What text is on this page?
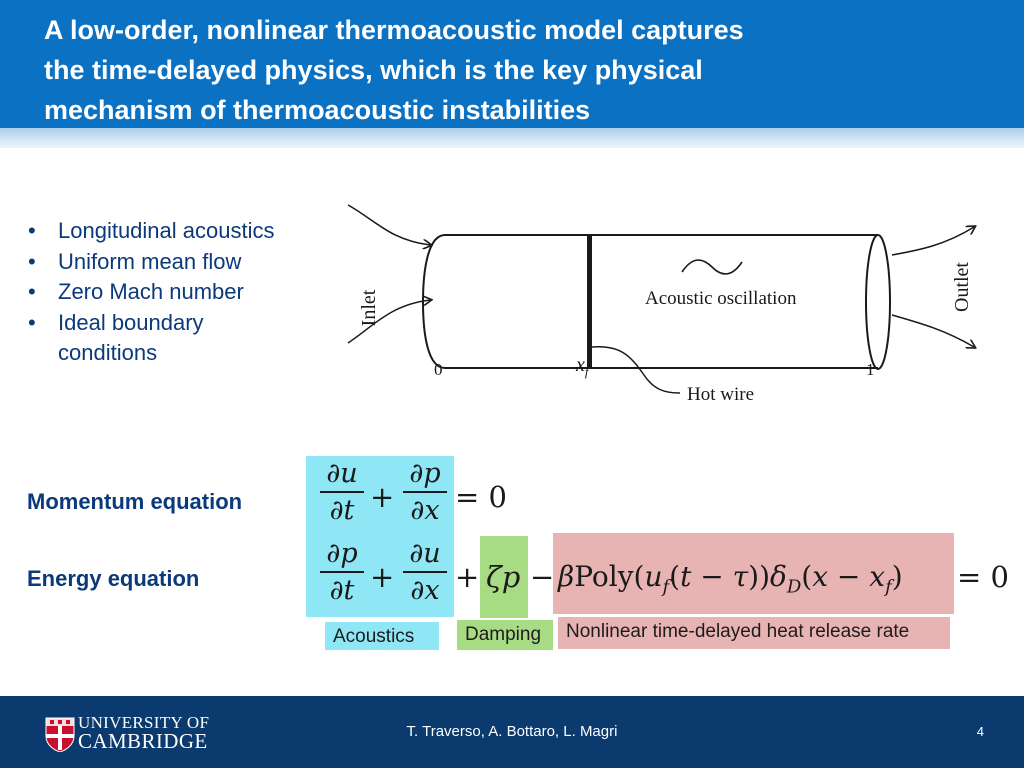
A low-order, nonlinear thermoacoustic model captures
the time-delayed physics, which is the key physical
mechanism of thermoacoustic instabilities
• Longitudinal acoustics
• Uniform mean flow
• Zero Mach number
• Ideal boundary conditions
Acoustic oscillation
Hot wire
Inlet	Outlet
0	1
$x_f$
Momentum equation
Energy equation
∂u
∂t +
∂p
∂x = 0
∂p
∂t +
∂u
$\partial x + \zeta p - \beta Poly(u_f(t - \tau))\delta_D(x - x_f) = 0$
Acoustics	Damping	Nonlinear time-delayed heat release rate
T. Traverso, A. Bottaro, L. Magri	4
UNIVERSITY OF
CAMBRIDGE
